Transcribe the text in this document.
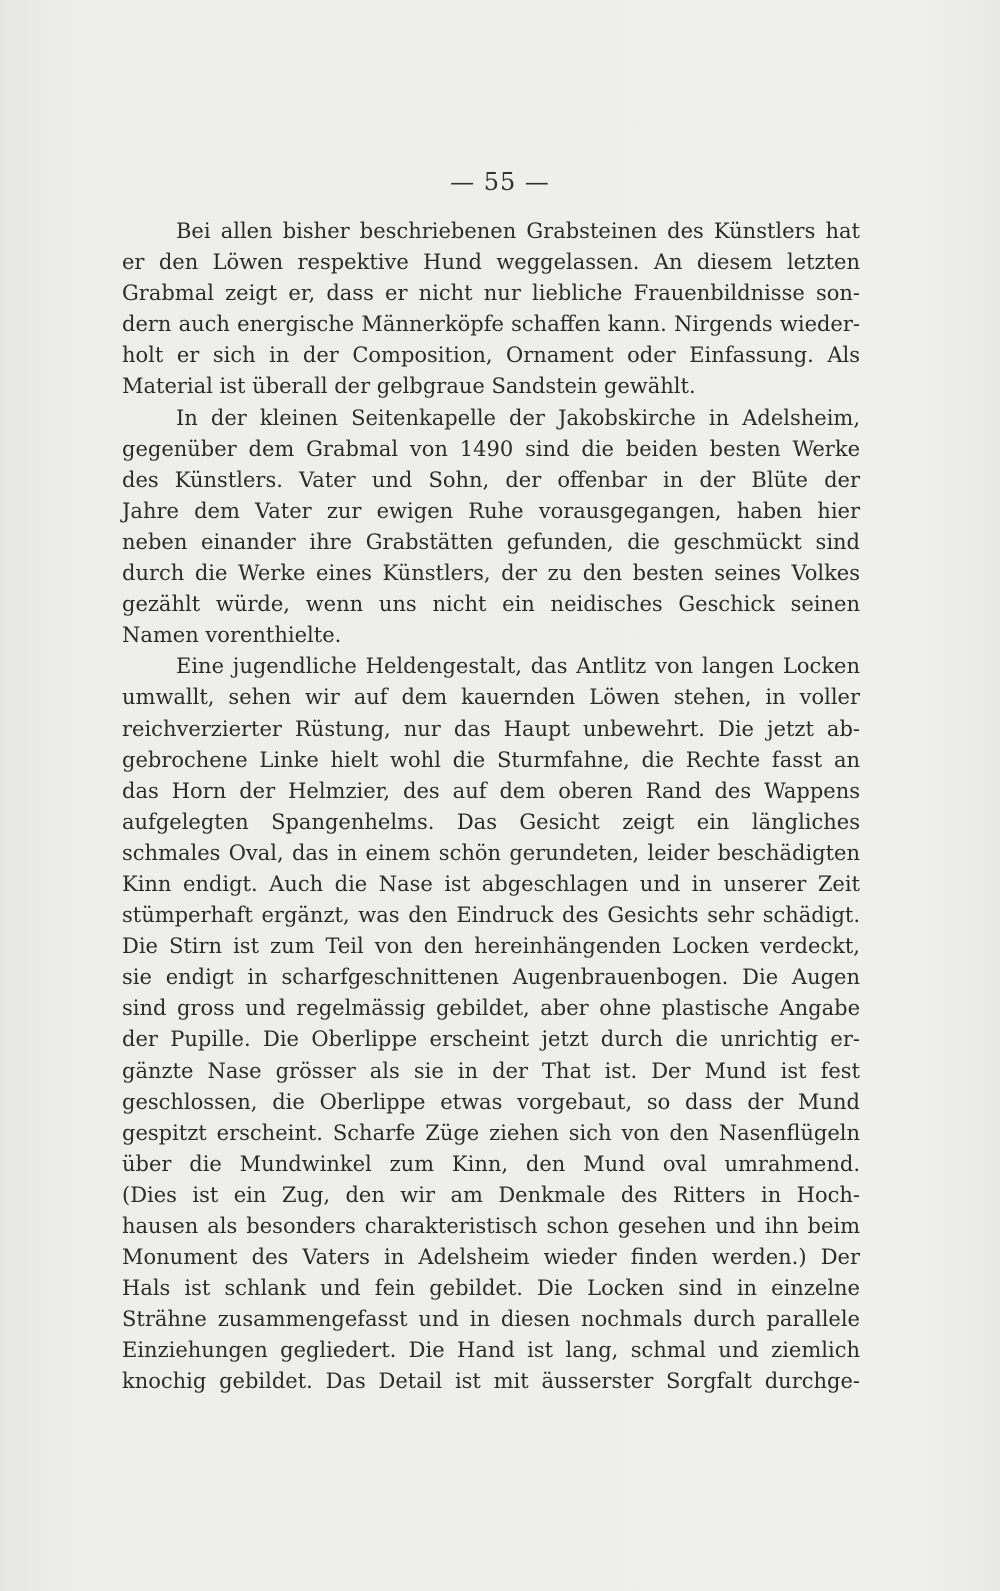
— 55 —
Bei allen bisher beschriebenen Grabsteinen des Künstlers hat
er den Löwen respektive Hund weggelassen. An diesem letzten
Grabmal zeigt er, dass er nicht nur liebliche Frauenbildnisse son-
dern auch energische Männerköpfe schaffen kann. Nirgends wieder-
holt er sich in der Composition, Ornament oder Einfassung. Als
Material ist überall der gelbgraue Sandstein gewählt.
In der kleinen Seitenkapelle der Jakobskirche in Adelsheim,
gegenüber dem Grabmal von 1490 sind die beiden besten Werke
des Künstlers. Vater und Sohn, der offenbar in der Blüte der
Jahre dem Vater zur ewigen Ruhe vorausgegangen, haben hier
neben einander ihre Grabstätten gefunden, die geschmückt sind
durch die Werke eines Künstlers, der zu den besten seines Volkes
gezählt würde, wenn uns nicht ein neidisches Geschick seinen
Namen vorenthielte.
Eine jugendliche Heldengestalt, das Antlitz von langen Locken
umwallt, sehen wir auf dem kauernden Löwen stehen, in voller
reichverzierter Rüstung, nur das Haupt unbewehrt. Die jetzt ab-
gebrochene Linke hielt wohl die Sturmfahne, die Rechte fasst an
das Horn der Helmzier, des auf dem oberen Rand des Wappens
aufgelegten Spangenhelms. Das Gesicht zeigt ein längliches
schmales Oval, das in einem schön gerundeten, leider beschädigten
Kinn endigt. Auch die Nase ist abgeschlagen und in unserer Zeit
stümperhaft ergänzt, was den Eindruck des Gesichts sehr schädigt.
Die Stirn ist zum Teil von den hereinhängenden Locken verdeckt,
sie endigt in scharfgeschnittenen Augenbrauenbogen. Die Augen
sind gross und regelmässig gebildet, aber ohne plastische Angabe
der Pupille. Die Oberlippe erscheint jetzt durch die unrichtig er-
gänzte Nase grösser als sie in der That ist. Der Mund ist fest
geschlossen, die Oberlippe etwas vorgebaut, so dass der Mund
gespitzt erscheint. Scharfe Züge ziehen sich von den Nasenflügeln
über die Mundwinkel zum Kinn, den Mund oval umrahmend.
(Dies ist ein Zug, den wir am Denkmale des Ritters in Hoch-
hausen als besonders charakteristisch schon gesehen und ihn beim
Monument des Vaters in Adelsheim wieder finden werden.) Der
Hals ist schlank und fein gebildet. Die Locken sind in einzelne
Strähne zusammengefasst und in diesen nochmals durch parallele
Einziehungen gegliedert. Die Hand ist lang, schmal und ziemlich
knochig gebildet. Das Detail ist mit äusserster Sorgfalt durchge-
